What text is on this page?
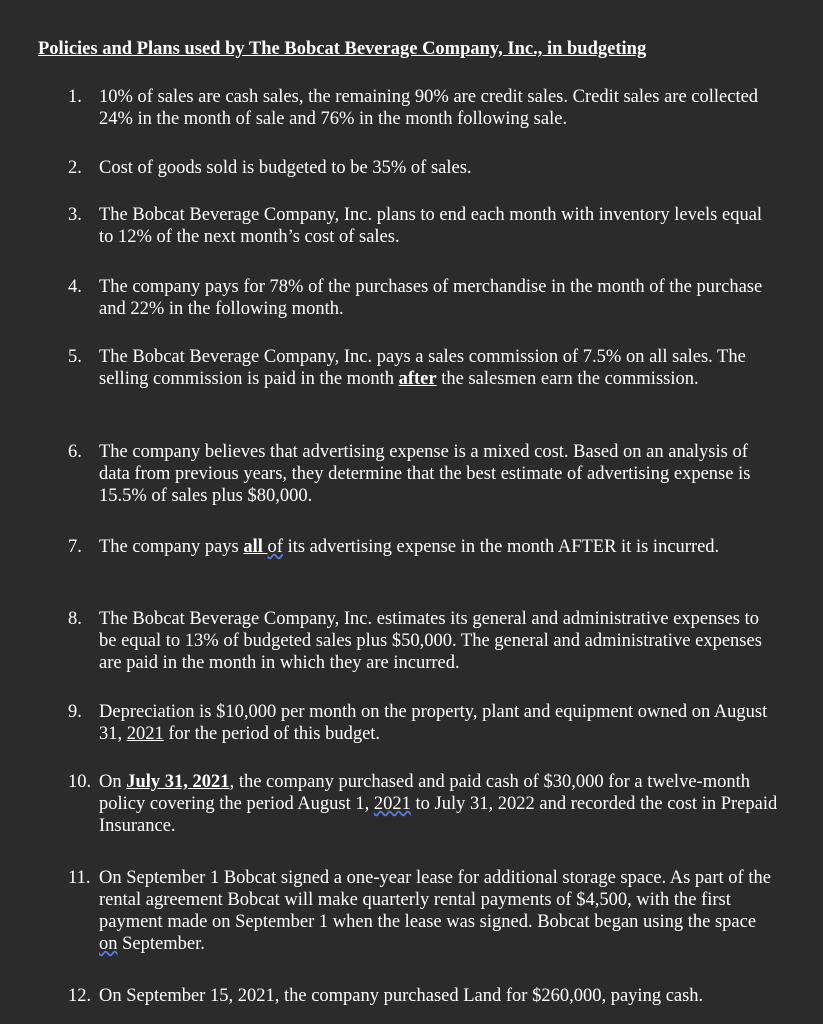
Policies and Plans used by The Bobcat Beverage Company, Inc., in budgeting
1. 10% of sales are cash sales, the remaining 90% are credit sales. Credit sales are collected 24% in the month of sale and 76% in the month following sale.
2. Cost of goods sold is budgeted to be 35% of sales.
3. The Bobcat Beverage Company, Inc. plans to end each month with inventory levels equal to 12% of the next month’s cost of sales.
4. The company pays for 78% of the purchases of merchandise in the month of the purchase and 22% in the following month.
5. The Bobcat Beverage Company, Inc. pays a sales commission of 7.5% on all sales. The selling commission is paid in the month after the salesmen earn the commission.
6. The company believes that advertising expense is a mixed cost. Based on an analysis of data from previous years, they determine that the best estimate of advertising expense is 15.5% of sales plus $80,000.
7. The company pays all of its advertising expense in the month AFTER it is incurred.
8. The Bobcat Beverage Company, Inc. estimates its general and administrative expenses to be equal to 13% of budgeted sales plus $50,000. The general and administrative expenses are paid in the month in which they are incurred.
9. Depreciation is $10,000 per month on the property, plant and equipment owned on August 31, 2021 for the period of this budget.
10. On July 31, 2021, the company purchased and paid cash of $30,000 for a twelve-month policy covering the period August 1, 2021 to July 31, 2022 and recorded the cost in Prepaid Insurance.
11. On September 1 Bobcat signed a one-year lease for additional storage space. As part of the rental agreement Bobcat will make quarterly rental payments of $4,500, with the first payment made on September 1 when the lease was signed. Bobcat began using the space on September.
12. On September 15, 2021, the company purchased Land for $260,000, paying cash.
